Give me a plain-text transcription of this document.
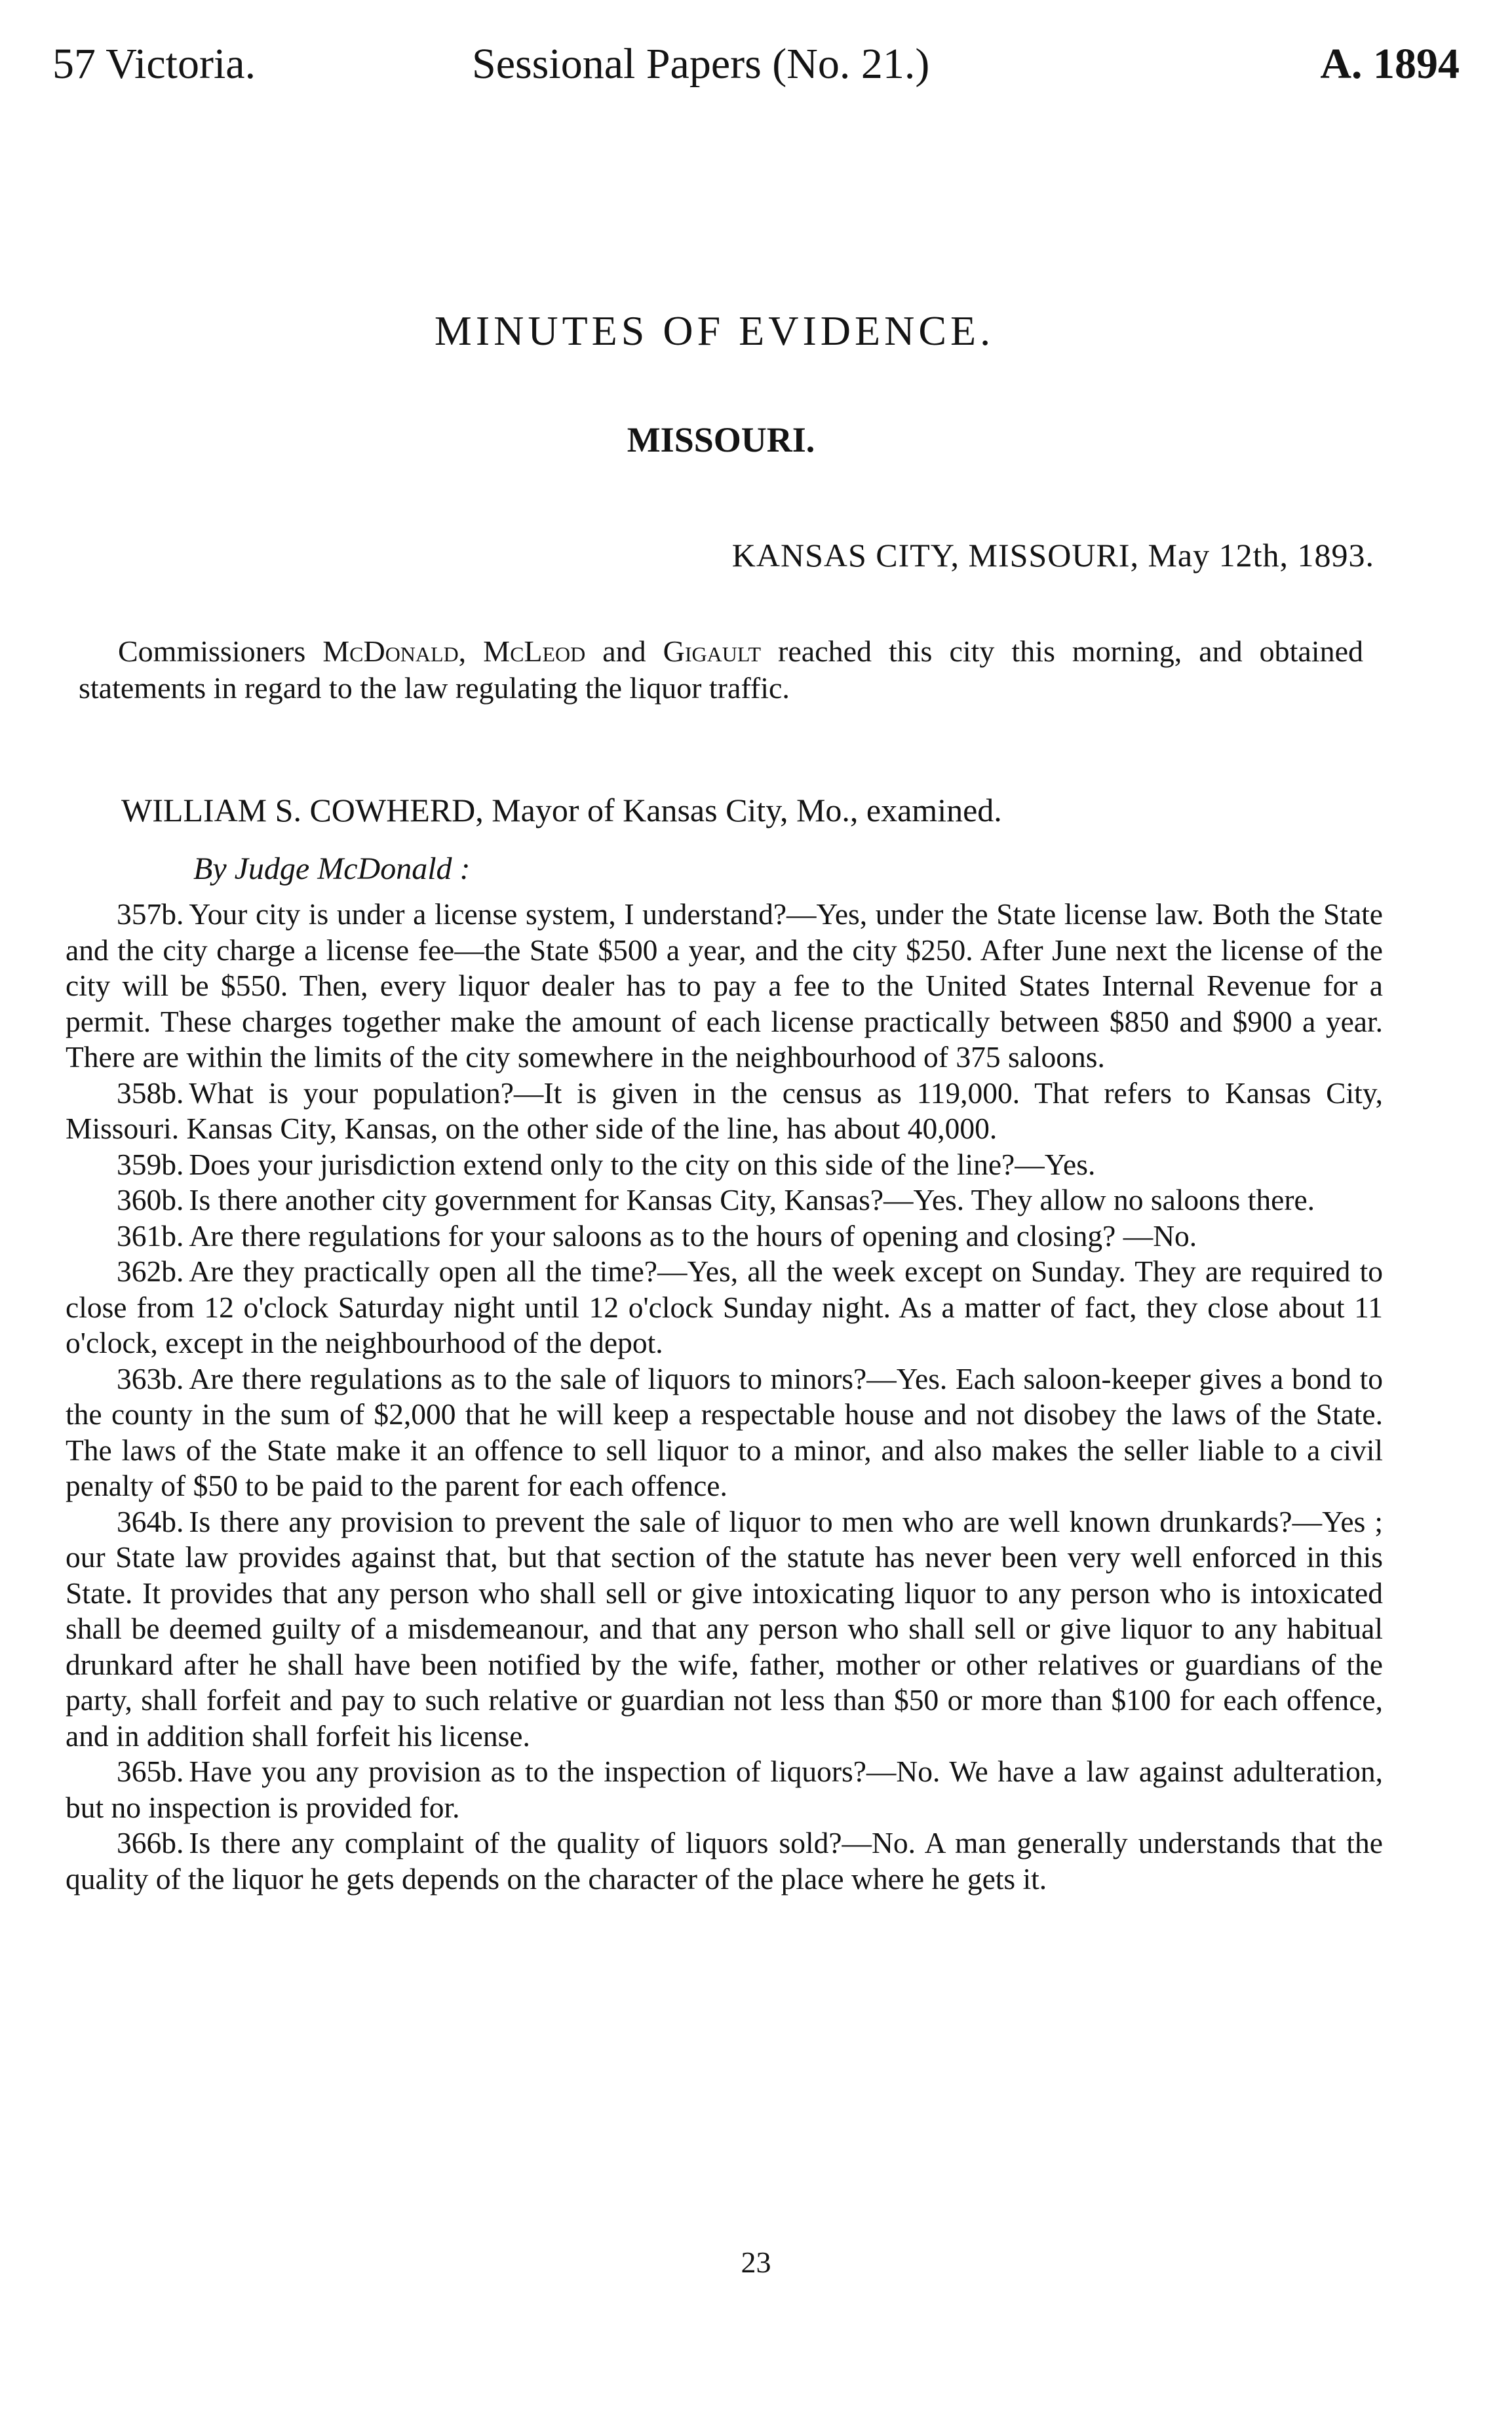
57 Victoria.	Sessional Papers (No. 21.)	A. 1894
MINUTES OF EVIDENCE.
MISSOURI.
KANSAS CITY, MISSOURI, May 12th, 1893.

Commissioners McDonald, McLeod and Gigault reached this city this morning, and obtained statements in regard to the law regulating the liquor traffic.

WILLIAM S. COWHERD, Mayor of Kansas City, Mo., examined.
By Judge McDonald :

357b. Your city is under a license system, I understand?—Yes, under the State license law. Both the State and the city charge a license fee—the State $500 a year, and the city $250. After June next the license of the city will be $550. Then, every liquor dealer has to pay a fee to the United States Internal Revenue for a permit. These charges together make the amount of each license practically between $850 and $900 a year. There are within the limits of the city somewhere in the neighbourhood of 375 saloons.

358b. What is your population?—It is given in the census as 119,000. That refers to Kansas City, Missouri. Kansas City, Kansas, on the other side of the line, has about 40,000.

359b. Does your jurisdiction extend only to the city on this side of the line?—Yes.

360b. Is there another city government for Kansas City, Kansas?—Yes. They allow no saloons there.

361b. Are there regulations for your saloons as to the hours of opening and closing? —No.

362b. Are they practically open all the time?—Yes, all the week except on Sunday. They are required to close from 12 o'clock Saturday night until 12 o'clock Sunday night. As a matter of fact, they close about 11 o'clock, except in the neighbourhood of the depot.

363b. Are there regulations as to the sale of liquors to minors?—Yes. Each saloon-keeper gives a bond to the county in the sum of $2,000 that he will keep a respectable house and not disobey the laws of the State. The laws of the State make it an offence to sell liquor to a minor, and also makes the seller liable to a civil penalty of $50 to be paid to the parent for each offence.

364b. Is there any provision to prevent the sale of liquor to men who are well known drunkards?—Yes ; our State law provides against that, but that section of the statute has never been very well enforced in this State. It provides that any person who shall sell or give intoxicating liquor to any person who is intoxicated shall be deemed guilty of a misdemeanour, and that any person who shall sell or give liquor to any habitual drunkard after he shall have been notified by the wife, father, mother or other relatives or guardians of the party, shall forfeit and pay to such relative or guardian not less than $50 or more than $100 for each offence, and in addition shall forfeit his license.

365b. Have you any provision as to the inspection of liquors?—No. We have a law against adulteration, but no inspection is provided for.

366b. Is there any complaint of the quality of liquors sold?—No. A man generally understands that the quality of the liquor he gets depends on the character of the place where he gets it.

23
